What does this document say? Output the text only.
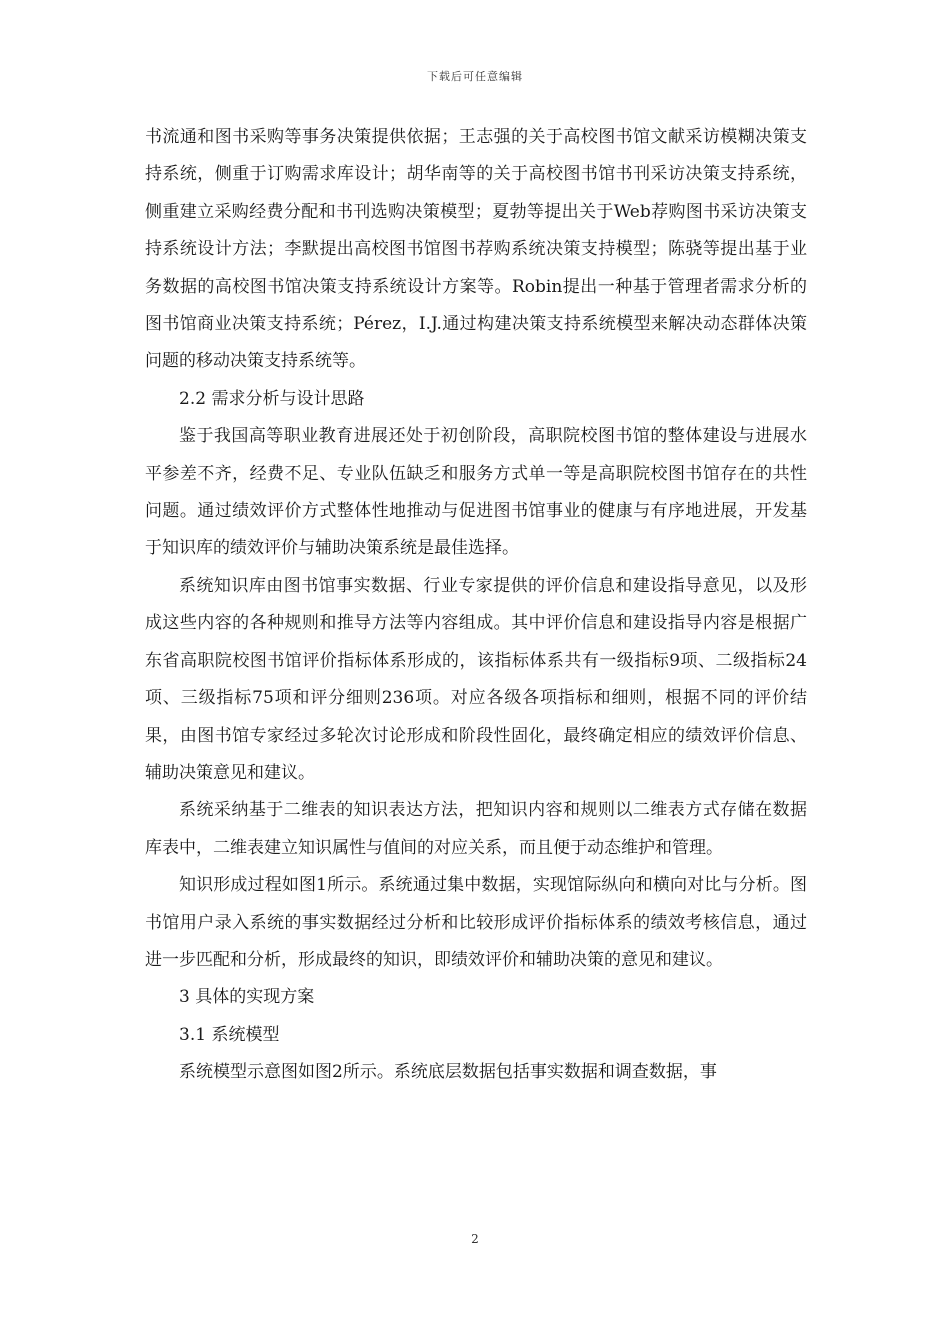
下载后可任意编辑

书流通和图书采购等事务决策提供依据；王志强的关于高校图书馆文献采访模糊决策支持系统，侧重于订购需求库设计；胡华南等的关于高校图书馆书刊采访决策支持系统，侧重建立采购经费分配和书刊选购决策模型；夏勃等提出关于Web荐购图书采访决策支持系统设计方法；李默提出高校图书馆图书荐购系统决策支持模型；陈骁等提出基于业务数据的高校图书馆决策支持系统设计方案等。Robin提出一种基于管理者需求分析的图书馆商业决策支持系统；Pérez，I.J.通过构建决策支持系统模型来解决动态群体决策问题的移动决策支持系统等。

2.2 需求分析与设计思路

鉴于我国高等职业教育进展还处于初创阶段，高职院校图书馆的整体建设与进展水平参差不齐，经费不足、专业队伍缺乏和服务方式单一等是高职院校图书馆存在的共性问题。通过绩效评价方式整体性地推动与促进图书馆事业的健康与有序地进展，开发基于知识库的绩效评价与辅助决策系统是最佳选择。

系统知识库由图书馆事实数据、行业专家提供的评价信息和建设指导意见，以及形成这些内容的各种规则和推导方法等内容组成。其中评价信息和建设指导内容是根据广东省高职院校图书馆评价指标体系形成的，该指标体系共有一级指标9项、二级指标24项、三级指标75项和评分细则236项。对应各级各项指标和细则，根据不同的评价结果，由图书馆专家经过多轮次讨论形成和阶段性固化，最终确定相应的绩效评价信息、辅助决策意见和建议。

系统采纳基于二维表的知识表达方法，把知识内容和规则以二维表方式存储在数据库表中，二维表建立知识属性与值间的对应关系，而且便于动态维护和管理。

知识形成过程如图1所示。系统通过集中数据，实现馆际纵向和横向对比与分析。图书馆用户录入系统的事实数据经过分析和比较形成评价指标体系的绩效考核信息，通过进一步匹配和分析，形成最终的知识，即绩效评价和辅助决策的意见和建议。

3 具体的实现方案

3.1 系统模型

系统模型示意图如图2所示。系统底层数据包括事实数据和调查数据，事

2
